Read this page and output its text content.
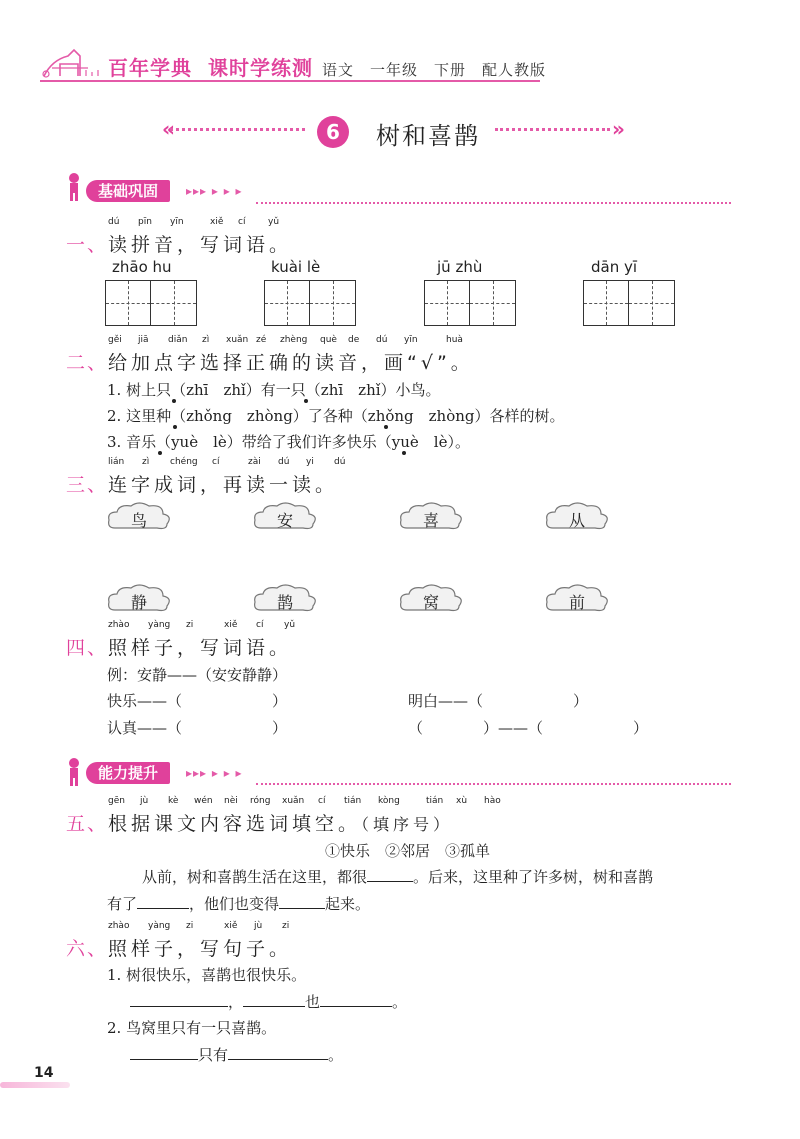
百年学典 课时学练测 语文　一年级　下册　配人教版
«	6	树和喜鹊	»
基础巩固	▸▸▸ ▸ ▸ ▸
dú pīn yīn	xiě cí	yǔ
一、 读拼音，写词语。
zhāo hu	kuài lè	jū zhù	dān yī
gěi jiā diǎn zì xuǎn zé zhèng què de dú yīn	huà
二、 给加点字选择正确的读音，画“√”。
1. 树上只（zhī　zhǐ）有一只（zhī　zhǐ）小鸟。
2. 这里种（zhǒng　zhòng）了各种（zhǒng　zhòng）各样的树。
3. 音乐（yuè　lè）带给了我们许多快乐（yuè　lè）。
lián zì chéng cí	zài dú yi dú
三、 连字成词，再读一读。
鸟	安	喜	从
静	鹊	窝	前
zhào yàng zi	xiě cí yǔ
四、 照样子，写词语。
例：安静——（安安静静）
快乐——（　　　　　　）	明白——（　　　　　　）
认真——（　　　　　　）	（　　　　）——（　　　　　　）
能力提升	▸▸▸ ▸ ▸ ▸
gēn jù kè wén nèi róng xuǎn cí tián kòng	tián xù hào
五、 根据课文内容选词填空。（填序号）
①快乐　②邻居　③孤单
从前，树和喜鹊生活在这里，都很	。后来，这里种了许多树，树和喜鹊
有了	，他们也变得	起来。
zhào yàng zi	xiě jù zi
六、 照样子，写句子。
1. 树很快乐，喜鹊也很快乐。
，	也	。
2. 鸟窝里只有一只喜鹊。
只有	。
14
